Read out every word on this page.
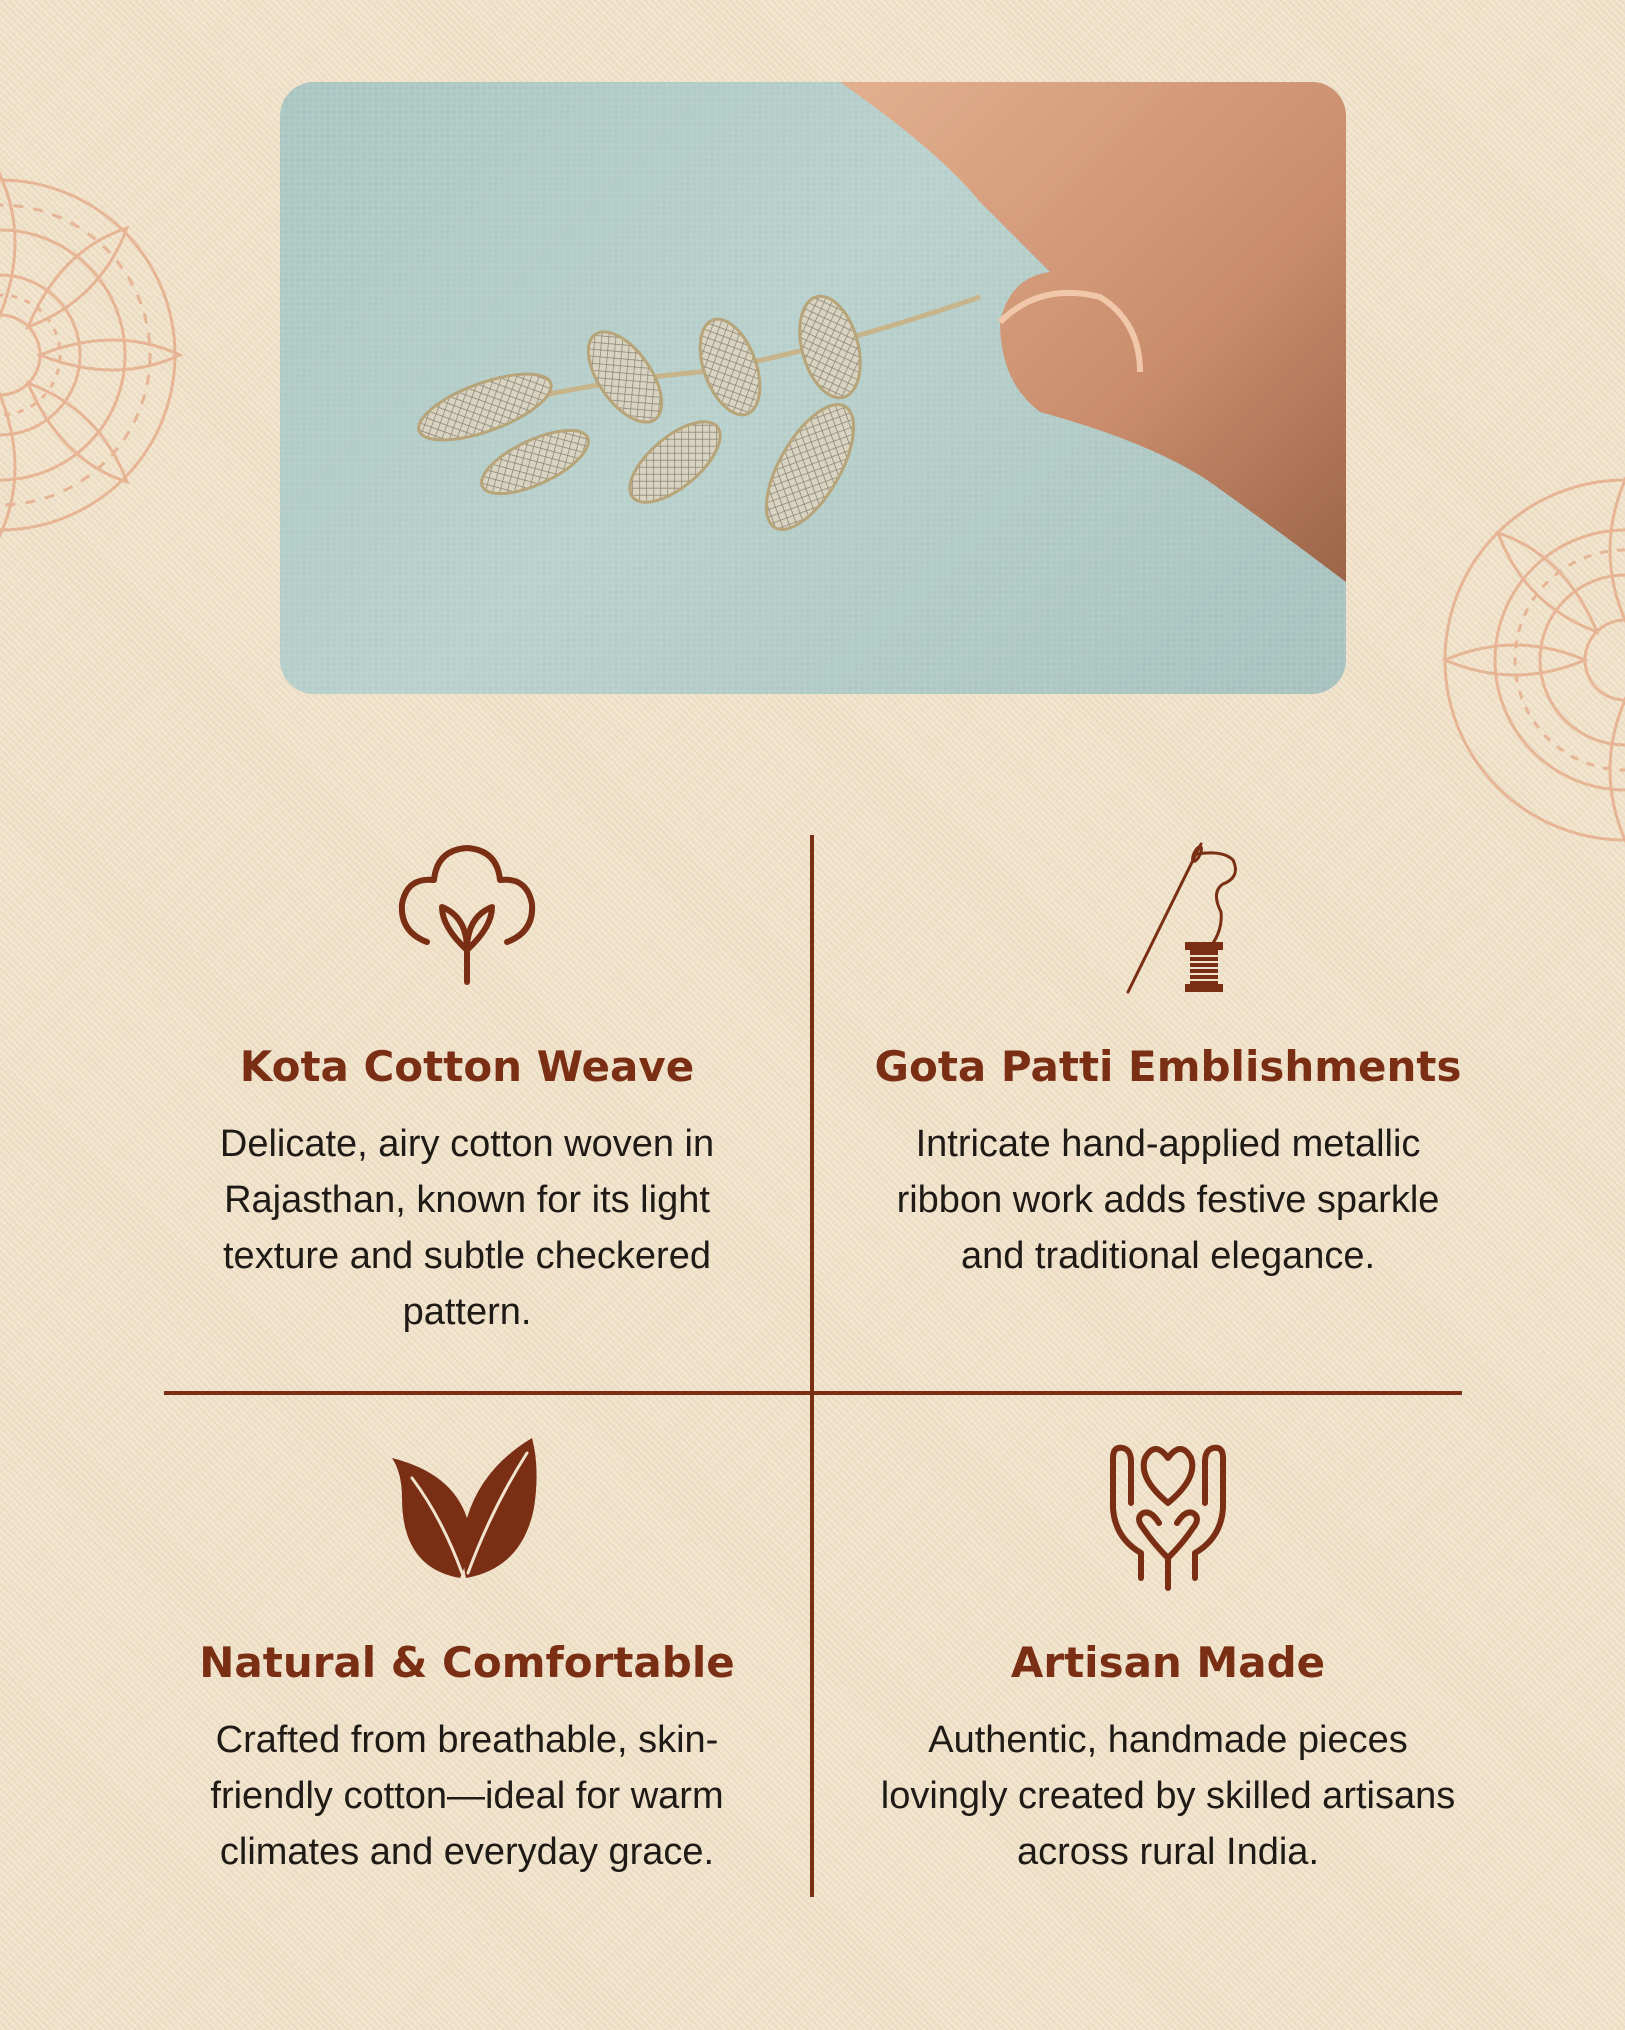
Kota Cotton Weave

Delicate, airy cotton woven in Rajasthan, known for its light texture and subtle checkered pattern.

Gota Patti Emblishments

Intricate hand-applied metallic ribbon work adds festive sparkle and traditional elegance.

Natural & Comfortable

Crafted from breathable, skin-friendly cotton—ideal for warm climates and everyday grace.

Artisan Made

Authentic, handmade pieces lovingly created by skilled artisans across rural India.
